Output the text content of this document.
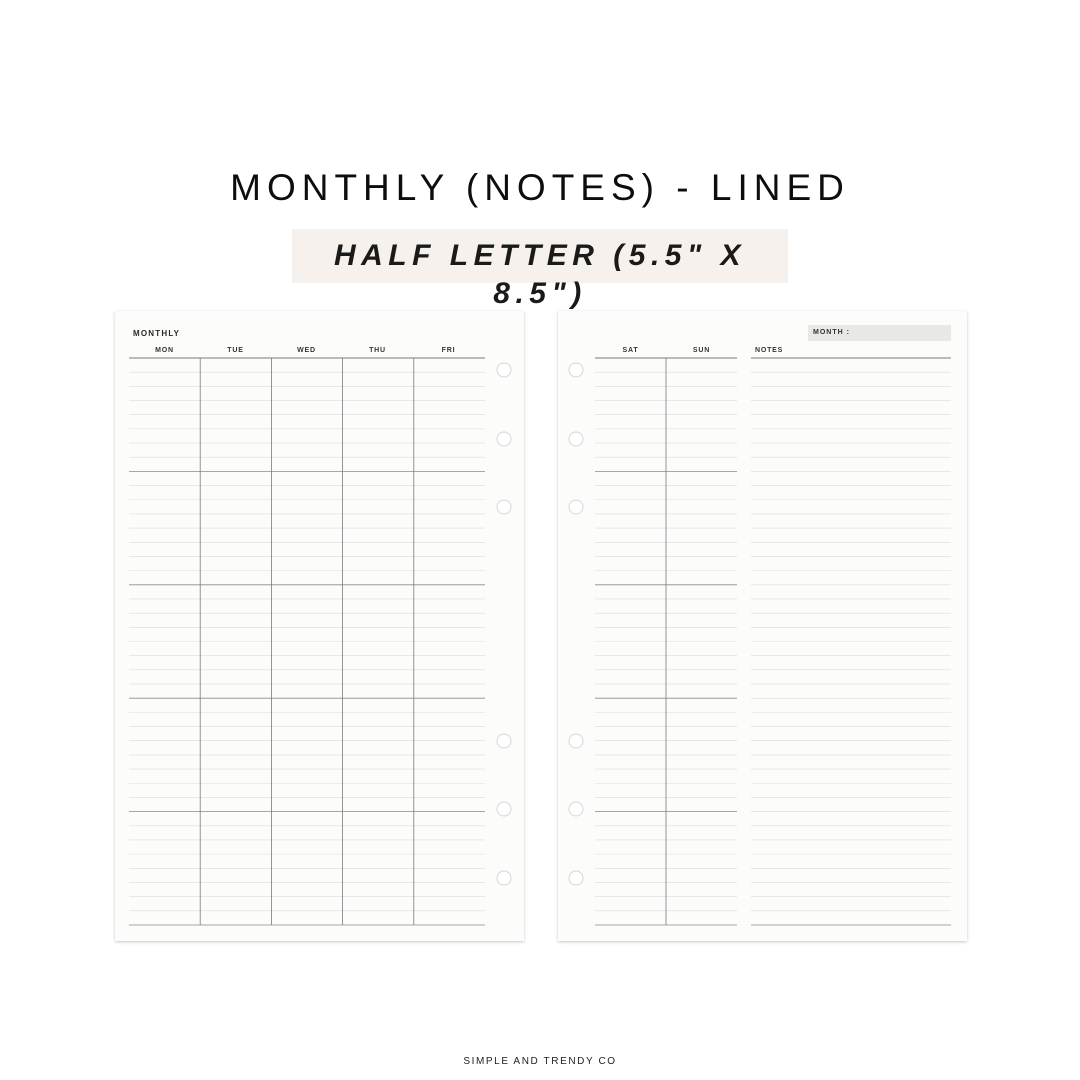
MONTHLY (NOTES) - LINED
HALF LETTER (5.5" X 8.5")
MONTHLY
MON	TUE	WED	THU	FRI
MONTH :
SAT	SUN	NOTES
SIMPLE AND TRENDY CO
